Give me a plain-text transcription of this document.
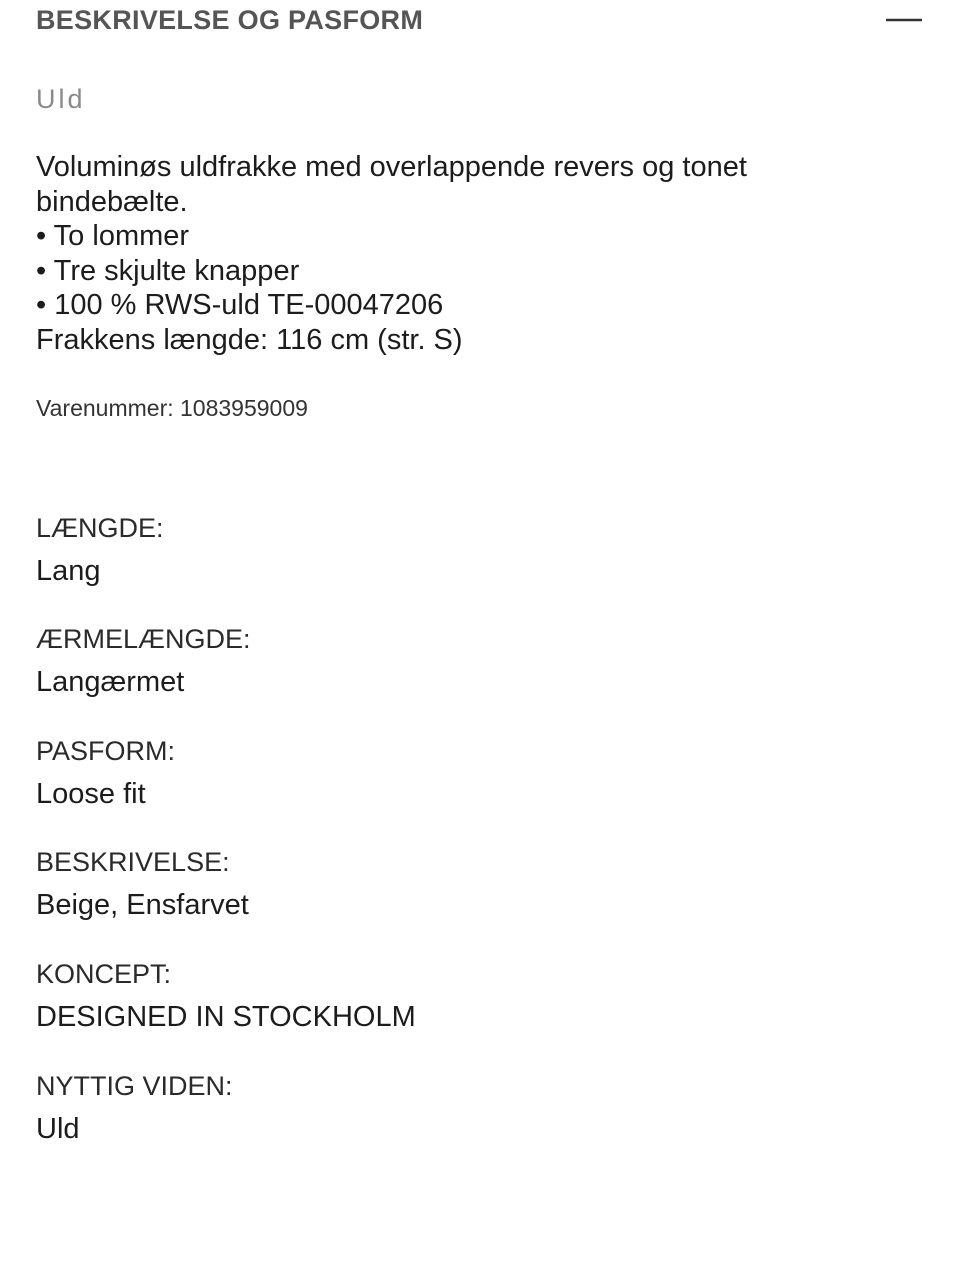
BESKRIVELSE OG PASFORM
Uld
Voluminøs uldfrakke med overlappende revers og tonet
bindebælte.
• To lommer
• Tre skjulte knapper
• 100 % RWS-uld TE-00047206
Frakkens længde: 116 cm (str. S)
Varenummer: 1083959009
LÆNGDE:
Lang
ÆRMELÆNGDE:
Langærmet
PASFORM:
Loose fit
BESKRIVELSE:
Beige, Ensfarvet
KONCEPT:
DESIGNED IN STOCKHOLM
NYTTIG VIDEN:
Uld
